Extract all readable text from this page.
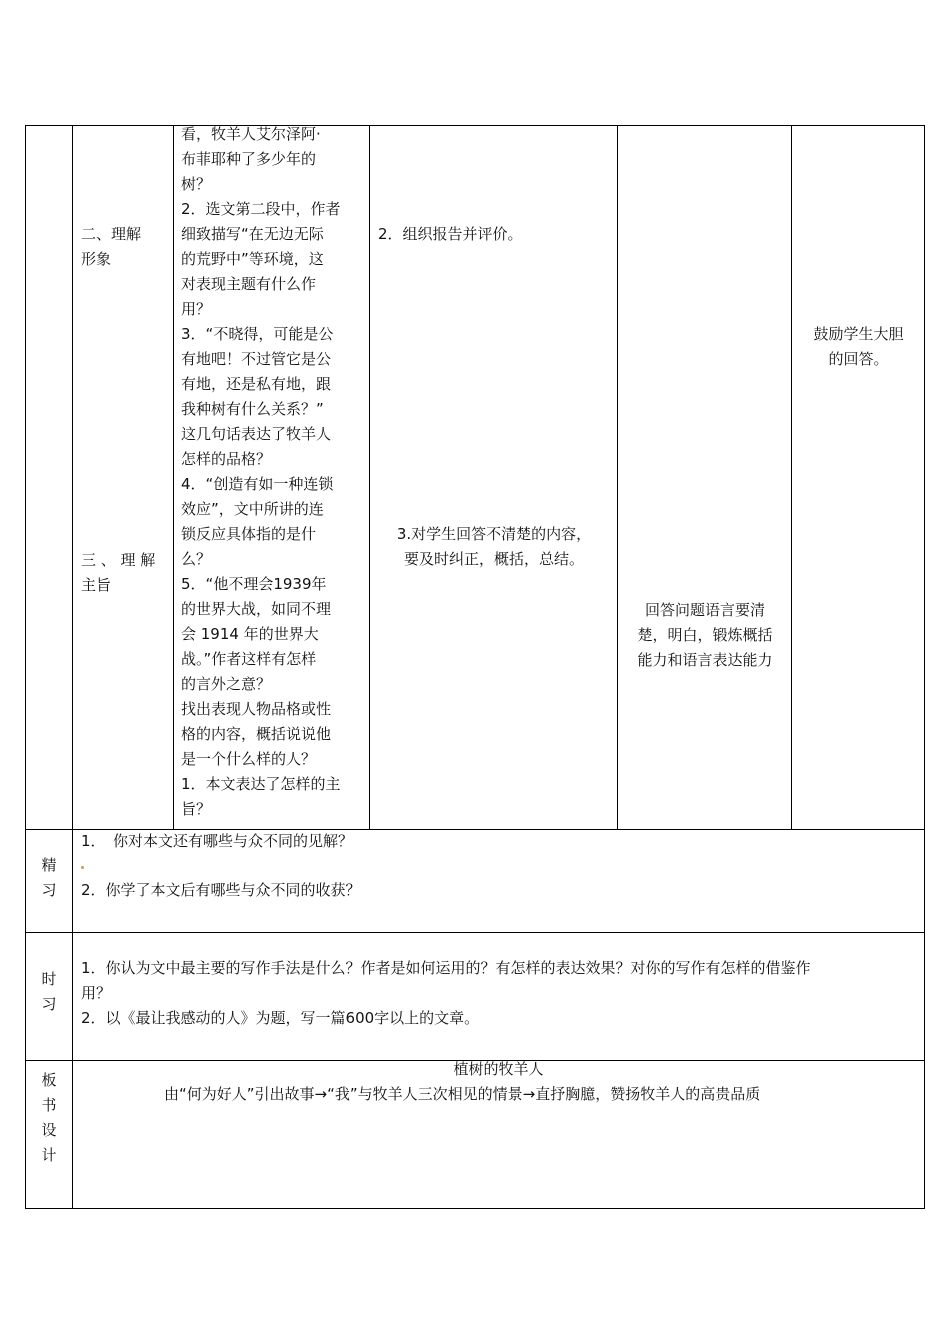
二、理解
形象
三 、 理 解
主旨
看，牧羊人艾尔泽阿·
布菲耶种了多少年的
树？
2．选文第二段中，作者
细致描写“在无边无际
的荒野中”等环境，这
对表现主题有什么作
用？
3．“不晓得，可能是公
有地吧！不过管它是公
有地，还是私有地，跟
我种树有什么关系？”
这几句话表达了牧羊人
怎样的品格？
4．“创造有如一种连锁
效应”，文中所讲的连
锁反应具体指的是什
么？
5．“他不理会1939年
的世界大战，如同不理
会 1914 年的世界大
战。”作者这样有怎样
的言外之意？
找出表现人物品格或性
格的内容，概括说说他
是一个什么样的人？
1．本文表达了怎样的主
旨？
2．组织报告并评价。
3.对学生回答不清楚的内容，
要及时纠正，概括，总结。
回答问题语言要清
楚，明白，锻炼概括
能力和语言表达能力
鼓励学生大胆
的回答。
精
习
1．　你对本文还有哪些与众不同的见解？
2．你学了本文后有哪些与众不同的收获？
时
习
1．你认为文中最主要的写作手法是什么？作者是如何运用的？有怎样的表达效果？对你的写作有怎样的借鉴作
用？
2．以《最让我感动的人》为题，写一篇600字以上的文章。
板
书
设
计
植树的牧羊人
由“何为好人”引出故事→“我”与牧羊人三次相见的情景→直抒胸臆，赞扬牧羊人的高贵品质
